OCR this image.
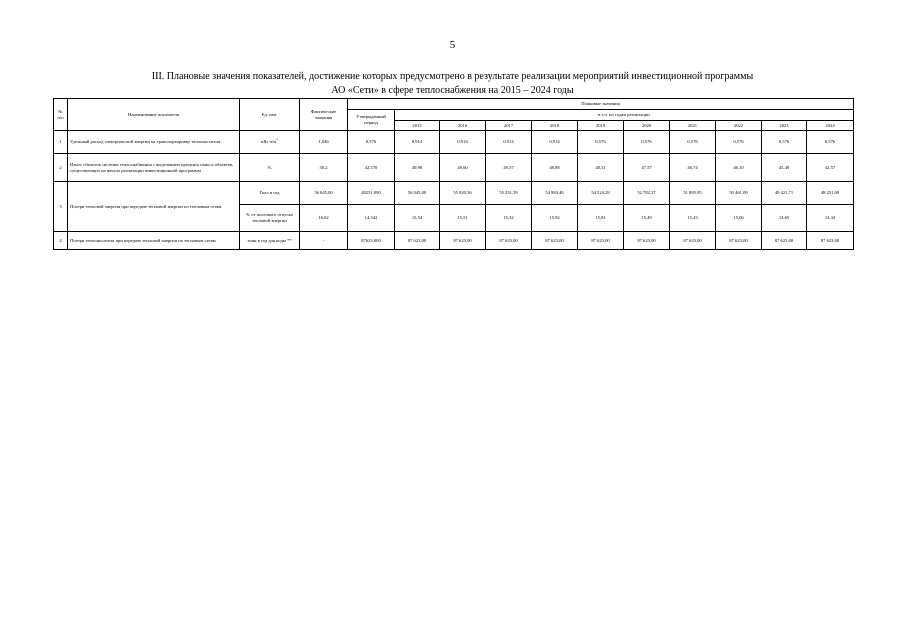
5
III. Плановые значения показателей, достижение которых предусмотрено в результате реализации мероприятий инвестиционной программы
АО «Сети» в сфере теплоснабжения на 2015 – 2024 годы
№ п/п	Наименование показателя	Ед. изм.	Фактические значения	Плановые значения										
				Утверждённый период	в т.ч. по годам реализации									
					2015	2016	2017	2018	2019	2020	2021	2022	2023	2024
1	Удельный расход электрической энергии на транспортировку теплоносителя	$кВт\cdot ч/м^3$	1,046	0,576	0,914	0,914	0,914	0,914	0,576	0,576	0,576	0,576	0,576	0,576
2	Износ объектов системы теплоснабжения с выделением процента износа объектов, существующих на начало реализации инвестиционной программы	%	50,2	42,570	49,90	49,60	49,37	48,88	48,31	47,57	46,74	46,10	45,49	42,57
3	Потери тепловой энергии при передаче тепловой энергии по тепловым сетям	Гкал в год	56 045,00	48251,090	56 045,00	55 920,56	55 251,59	54 984,46	54 524,29	52 782,37	51 895,95	50 461,09	49 421,71	48 251,09
		% от полезного отпуска тепловой энергии	16,62	14,342	15,54	15,51	15,32	15,92	15,81	15,49	15,43	15,06	14,65	14,34
4	Потери теплоносителя при передаче тепловой энергии по тепловым сетям	тонн в год для воды **	-	87623,000	87 623,00	87 623,00	87 623,00	87 623,00	87 623,00	87 623,00	87 623,00	87 623,00	87 623,00	87 623,00
